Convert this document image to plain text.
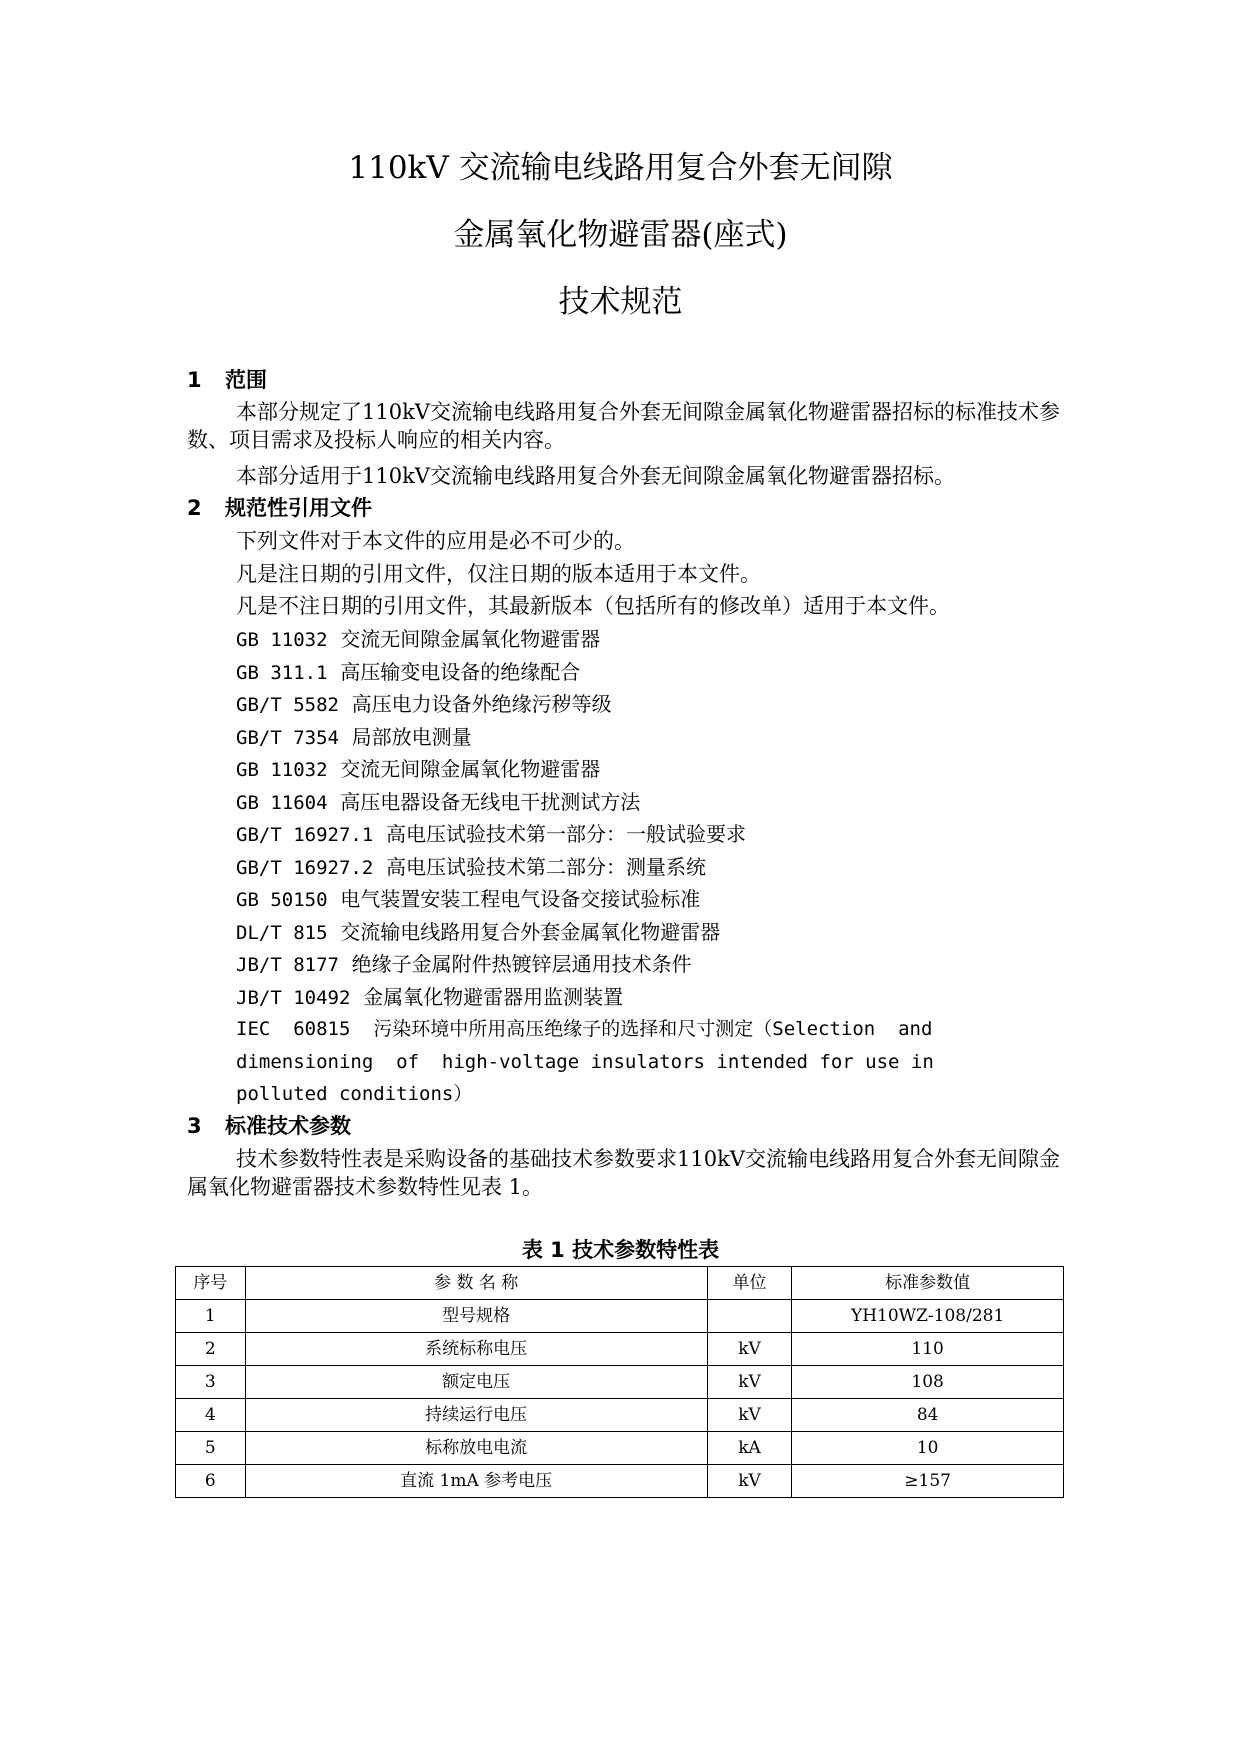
110kV 交流输电线路用复合外套无间隙
金属氧化物避雷器(座式)
技术规范
1 范围
本部分规定了110kV交流输电线路用复合外套无间隙金属氧化物避雷器招标的标准技术参数、项目需求及投标人响应的相关内容。
本部分适用于110kV交流输电线路用复合外套无间隙金属氧化物避雷器招标。
2 规范性引用文件
下列文件对于本文件的应用是必不可少的。
凡是注日期的引用文件，仅注日期的版本适用于本文件。
凡是不注日期的引用文件，其最新版本（包括所有的修改单）适用于本文件。
GB 11032 交流无间隙金属氧化物避雷器
GB 311.1 高压输变电设备的绝缘配合
GB/T 5582 高压电力设备外绝缘污秽等级
GB/T 7354 局部放电测量
GB 11032 交流无间隙金属氧化物避雷器
GB 11604 高压电器设备无线电干扰测试方法
GB/T 16927.1 高电压试验技术第一部分：一般试验要求
GB/T 16927.2 高电压试验技术第二部分：测量系统
GB 50150 电气装置安装工程电气设备交接试验标准
DL/T 815 交流输电线路用复合外套金属氧化物避雷器
JB/T 8177 绝缘子金属附件热镀锌层通用技术条件
JB/T 10492 金属氧化物避雷器用监测装置
IEC  60815  污染环境中所用高压绝缘子的选择和尺寸测定（Selection  and
dimensioning  of  high-voltage insulators intended for use in
polluted conditions）
3 标准技术参数
技术参数特性表是采购设备的基础技术参数要求110kV交流输电线路用复合外套无间隙金属氧化物避雷器技术参数特性见表 1。
表 1 技术参数特性表
序号	参 数 名 称	单位	标准参数值
1	型号规格		YH10WZ-108/281
2	系统标称电压	kV	110
3	额定电压	kV	108
4	持续运行电压	kV	84
5	标称放电电流	kA	10
6	直流 1mA 参考电压	kV	≥157
